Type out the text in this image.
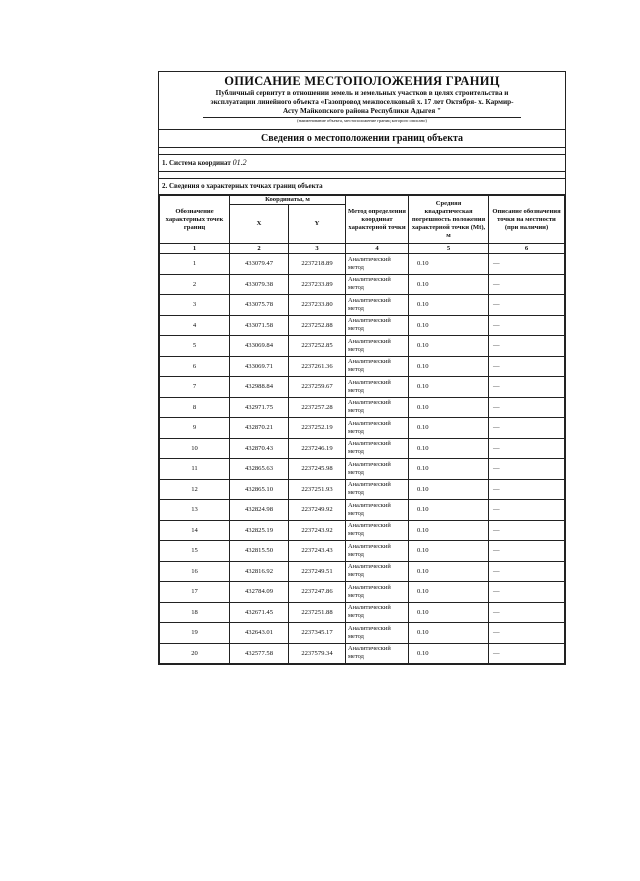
ОПИСАНИЕ МЕСТОПОЛОЖЕНИЯ ГРАНИЦ
Публичный сервитут в отношении земель и земельных участков в целях строительства и
эксплуатации линейного объекта «Газопровод межпоселковый х. 17 лет Октября- х. Кармир-
Асту Майкопского района Республики Адыгея "
(наименование объекта, местоположение границ которого описано)
Сведения о местоположении границ объекта
1. Система координат 01.2
2. Сведения о характерных точках границ объекта
Обозначение характерных точек границ	Координаты, м		Метод определения координат характерной точки	Средняя квадратическая погрешность положения характерной точки (Mt), м	Описание обозначения точки на местности (при наличии)
	X	Y			
1	2	3	4	5	6
1	433079.47	2237218.89	Аналитический метод	0.10	—
2	433079.38	2237233.89	Аналитический метод	0.10	—
3	433075.78	2237233.80	Аналитический метод	0.10	—
4	433071.58	2237252.88	Аналитический метод	0.10	—
5	433069.84	2237252.85	Аналитический метод	0.10	—
6	433069.71	2237261.36	Аналитический метод	0.10	—
7	432988.84	2237259.67	Аналитический метод	0.10	—
8	432971.75	2237257.28	Аналитический метод	0.10	—
9	432870.21	2237252.19	Аналитический метод	0.10	—
10	432870.43	2237246.19	Аналитический метод	0.10	—
11	432865.63	2237245.98	Аналитический метод	0.10	—
12	432865.10	2237251.93	Аналитический метод	0.10	—
13	432824.98	2237249.92	Аналитический метод	0.10	—
14	432825.19	2237243.92	Аналитический метод	0.10	—
15	432815.50	2237243.43	Аналитический метод	0.10	—
16	432816.92	2237249.51	Аналитический метод	0.10	—
17	432784.09	2237247.86	Аналитический метод	0.10	—
18	432671.45	2237251.88	Аналитический метод	0.10	—
19	432643.01	2237345.17	Аналитический метод	0.10	—
20	432577.58	2237579.34	Аналитический метод	0.10	—
